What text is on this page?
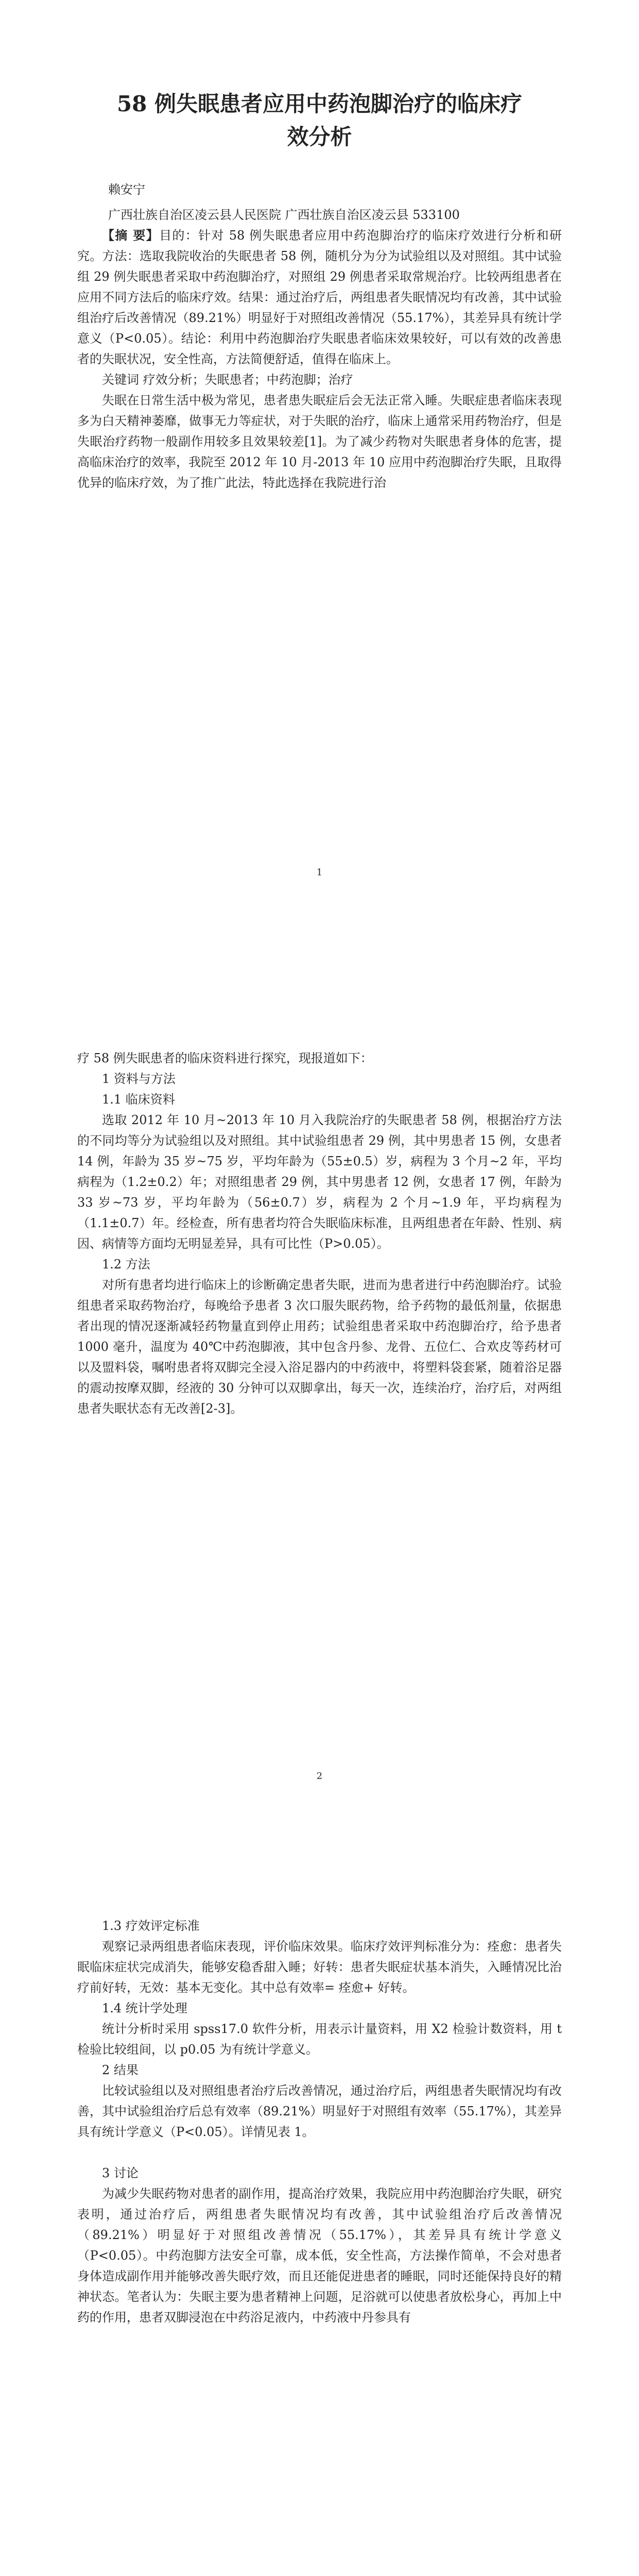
58 例失眠患者应用中药泡脚治疗的临床疗
效分析

赖安宁

广西壮族自治区凌云县人民医院 广西壮族自治区凌云县 533100

【摘 要】目的：针对 58 例失眠患者应用中药泡脚治疗的临床疗效进行分析和研究。方法：选取我院收治的失眠患者 58 例，随机分为分为试验组以及对照组。其中试验组 29 例失眠患者采取中药泡脚治疗，对照组 29 例患者采取常规治疗。比较两组患者在应用不同方法后的临床疗效。结果：通过治疗后，两组患者失眠情况均有改善，其中试验组治疗后改善情况（89.21%）明显好于对照组改善情况（55.17%），其差异具有统计学意义（P<0.05）。结论：利用中药泡脚治疗失眠患者临床效果较好，可以有效的改善患者的失眠状况，安全性高，方法简便舒适，值得在临床上。

关键词 疗效分析；失眠患者；中药泡脚；治疗

失眠在日常生活中极为常见，患者患失眠症后会无法正常入睡。失眠症患者临床表现多为白天精神萎靡，做事无力等症状，对于失眠的治疗，临床上通常采用药物治疗，但是失眠治疗药物一般副作用较多且效果较差[1]。为了减少药物对失眠患者身体的危害，提高临床治疗的效率，我院至 2012 年 10 月-2013 年 10 应用中药泡脚治疗失眠，且取得优异的临床疗效，为了推广此法，特此选择在我院进行治

1

疗 58 例失眠患者的临床资料进行探究，现报道如下：

1 资料与方法

1.1 临床资料

选取 2012 年 10 月~2013 年 10 月入我院治疗的失眠患者 58 例，根据治疗方法的不同均等分为试验组以及对照组。其中试验组患者 29 例，其中男患者 15 例，女患者 14 例，年龄为 35 岁~75 岁，平均年龄为（55±0.5）岁，病程为 3 个月~2 年，平均病程为（1.2±0.2）年；对照组患者 29 例，其中男患者 12 例，女患者 17 例，年龄为 33 岁~73 岁，平均年龄为（56±0.7）岁，病程为 2 个月~1.9 年，平均病程为（1.1±0.7）年。经检查，所有患者均符合失眠临床标准，且两组患者在年龄、性别、病因、病情等方面均无明显差异，具有可比性（P>0.05）。

1.2 方法

对所有患者均进行临床上的诊断确定患者失眠，进而为患者进行中药泡脚治疗。试验组患者采取药物治疗，每晚给予患者 3 次口服失眠药物，给予药物的最低剂量，依据患者出现的情况逐渐减轻药物量直到停止用药；试验组患者采取中药泡脚治疗，给予患者 1000 毫升，温度为 40℃中药泡脚液，其中包含丹参、龙骨、五位仁、合欢皮等药材可以及盟料袋，嘱咐患者将双脚完全浸入浴足器内的中药液中，将塑料袋套紧，随着浴足器的震动按摩双脚，经液的 30 分钟可以双脚拿出，每天一次，连续治疗，治疗后，对两组患者失眠状态有无改善[2-3]。

2

1.3 疗效评定标准

观察记录两组患者临床表现，评价临床效果。临床疗效评判标准分为：痊愈：患者失眠临床症状完成消失，能够安稳香甜入睡；好转：患者失眠症状基本消失，入睡情况比治疗前好转，无效：基本无变化。其中总有效率= 痊愈+ 好转。

1.4 统计学处理

统计分析时采用 spss17.0 软件分析，用表示计量资料，用 X2 检验计数资料，用 t 检验比较组间，以 p0.05 为有统计学意义。

2 结果

比较试验组以及对照组患者治疗后改善情况，通过治疗后，两组患者失眠情况均有改善，其中试验组治疗后总有效率（89.21%）明显好于对照组有效率（55.17%），其差异具有统计学意义（P<0.05）。详情见表 1。

3 讨论

为减少失眠药物对患者的副作用，提高治疗效果，我院应用中药泡脚治疗失眠，研究表明，通过治疗后，两组患者失眠情况均有改善，其中试验组治疗后改善情况（89.21%）明显好于对照组改善情况（55.17%），其差异具有统计学意义（P<0.05）。中药泡脚方法安全可靠，成本低，安全性高，方法操作简单，不会对患者身体造成副作用并能够改善失眠疗效，而且还能促进患者的睡眠，同时还能保持良好的精神状态。笔者认为：失眠主要为患者精神上问题，足浴就可以使患者放松身心，再加上中药的作用，患者双脚浸泡在中药浴足液内，中药液中丹参具有
